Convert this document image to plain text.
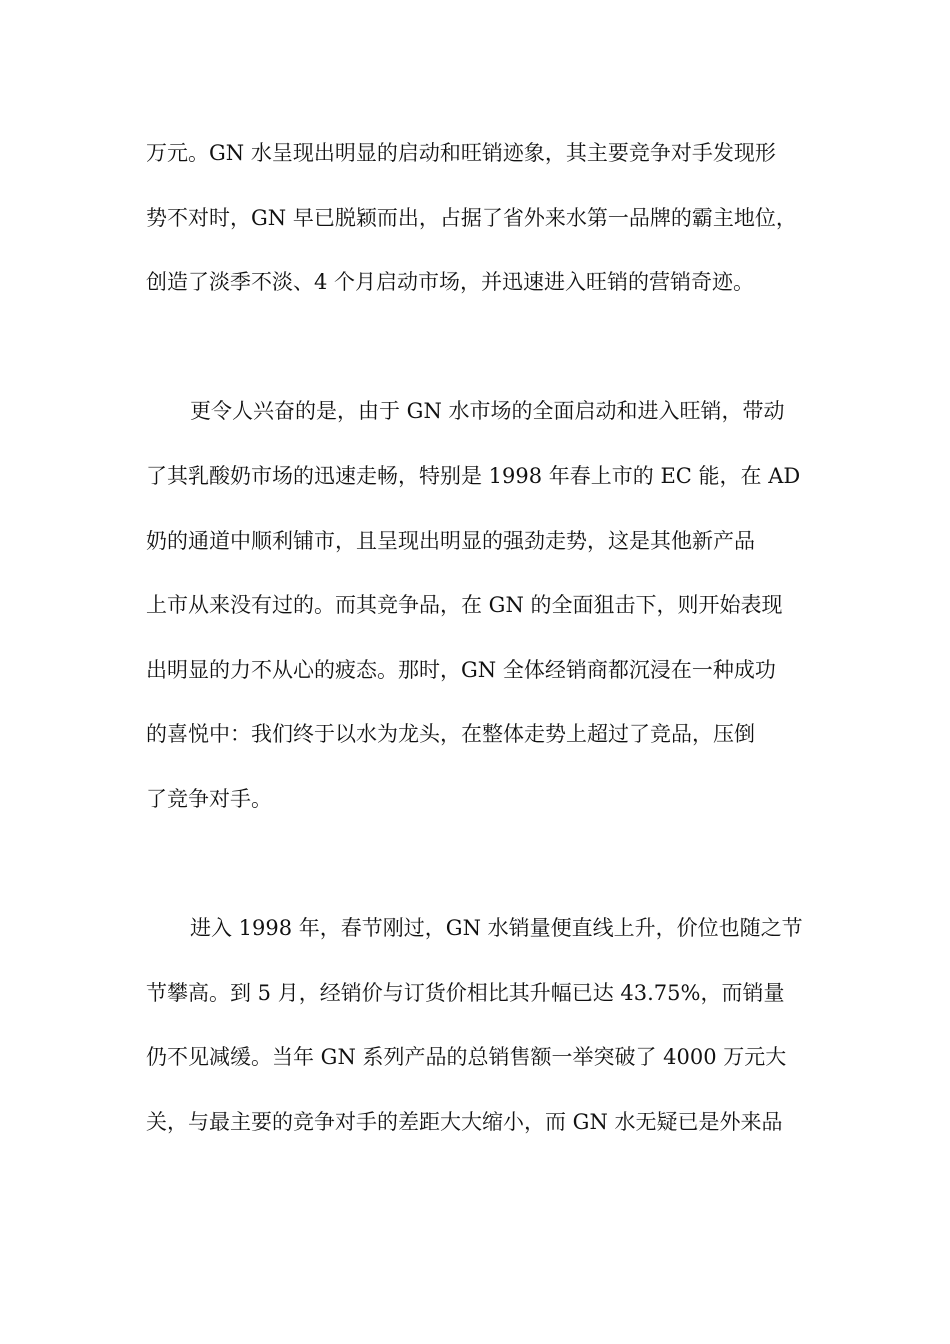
万元。GN 水呈现出明显的启动和旺销迹象，其主要竞争对手发现形
势不对时，GN 早已脱颖而出，占据了省外来水第一品牌的霸主地位，
创造了淡季不淡、4 个月启动市场，并迅速进入旺销的营销奇迹。
更令人兴奋的是，由于 GN 水市场的全面启动和进入旺销，带动
了其乳酸奶市场的迅速走畅，特别是 1998 年春上市的 EC 能，在 AD
奶的通道中顺利铺市，且呈现出明显的强劲走势，这是其他新产品
上市从来没有过的。而其竞争品，在 GN 的全面狙击下，则开始表现
出明显的力不从心的疲态。那时，GN 全体经销商都沉浸在一种成功
的喜悦中：我们终于以水为龙头，在整体走势上超过了竞品，压倒
了竞争对手。
进入 1998 年，春节刚过，GN 水销量便直线上升，价位也随之节
节攀高。到 5 月，经销价与订货价相比其升幅已达 43.75%，而销量
仍不见减缓。当年 GN 系列产品的总销售额一举突破了 4000 万元大
关，与最主要的竞争对手的差距大大缩小，而 GN 水无疑已是外来品
